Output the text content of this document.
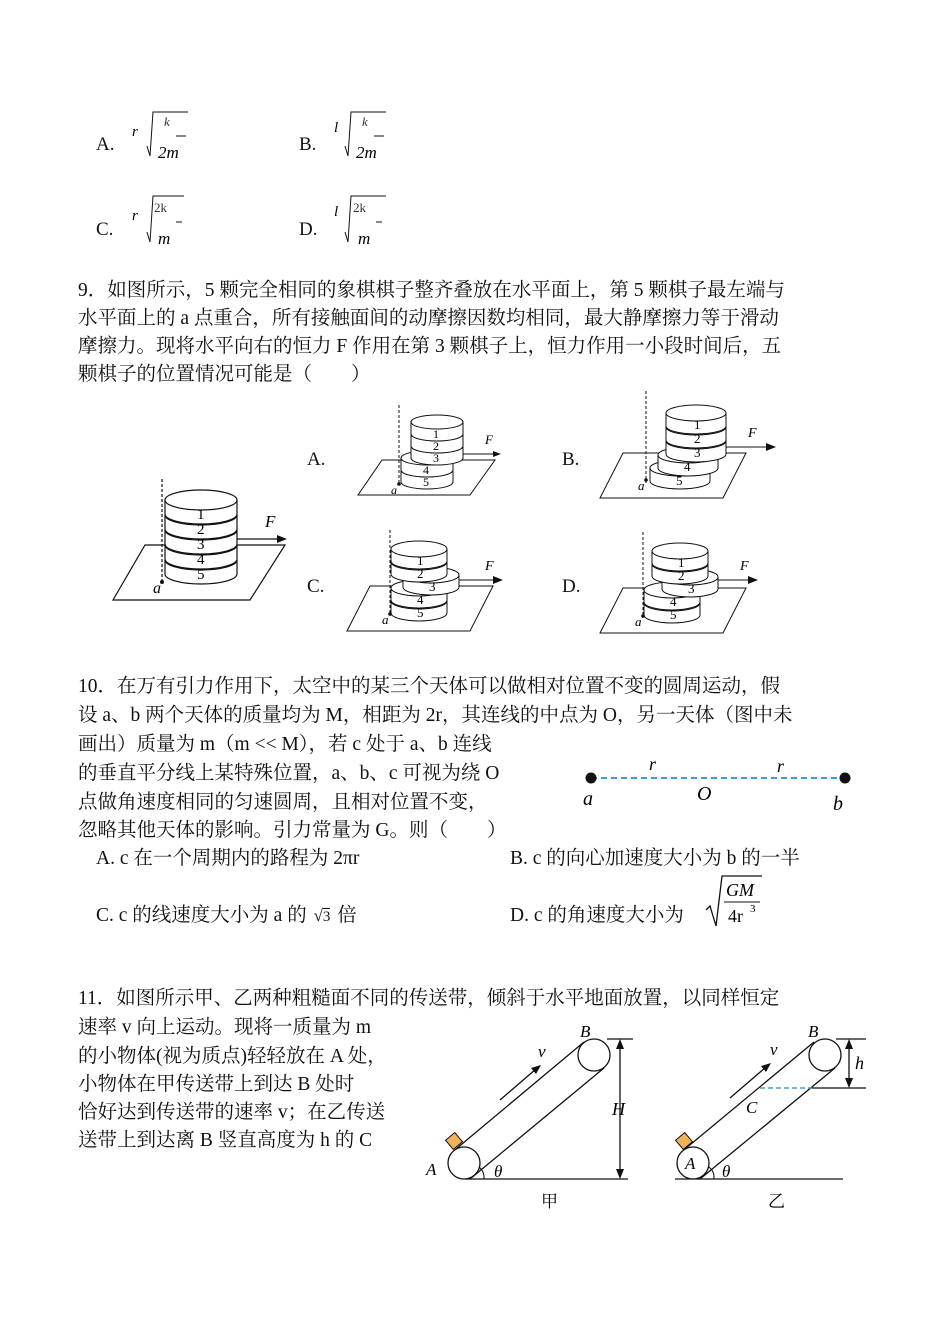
A.
r
k
2m	B.
l k
2m
C.
r
2k
m	D.
l 2k
m
9．如图所示，5 颗完全相同的象棋棋子整齐叠放在水平面上，第 5 颗棋子最左端与
水平面上的 a 点重合，所有接触面间的动摩擦因数均相同，最大静摩擦力等于滑动
摩擦力。现将水平向右的恒力 F 作用在第 3 颗棋子上，恒力作用一小段时间后，五
颗棋子的位置情况可能是（　　）
1
2
3
4
5
F
a
A.
1
2
3
4
5
F
a
B.
1
2
3
4
5
F
a
C.
1
2
3
4
5
F
a
D.
1
2
3
4
5
F
a
10．在万有引力作用下，太空中的某三个天体可以做相对位置不变的圆周运动，假
设 a、b 两个天体的质量均为 M，相距为 2r，其连线的中点为 O，另一天体（图中未
画出）质量为 m（m << M），若 c 处于 a、b 连线
的垂直平分线上某特殊位置，a、b、c 可视为绕 O
点做角速度相同的匀速圆周，且相对位置不变，
忽略其他天体的影响。引力常量为 G。则（　　）
r	r
O
a	b
A. c 在一个周期内的路程为 2πr	B. c 的向心加速度大小为 b 的一半
C. c 的线速度大小为 a 的 √3 倍	D. c 的角速度大小为
GM
4r 3
11．如图所示甲、乙两种粗糙面不同的传送带，倾斜于水平地面放置，以同样恒定
速率 v 向上运动。现将一质量为 m
的小物体(视为质点)轻轻放在 A 处，
小物体在甲传送带上到达 B 处时
恰好达到传送带的速率 v；在乙传送
送带上到达离 B 竖直高度为 h 的 C
v
θ
A
B
H
甲
v
C
θ
A
B
h
乙
